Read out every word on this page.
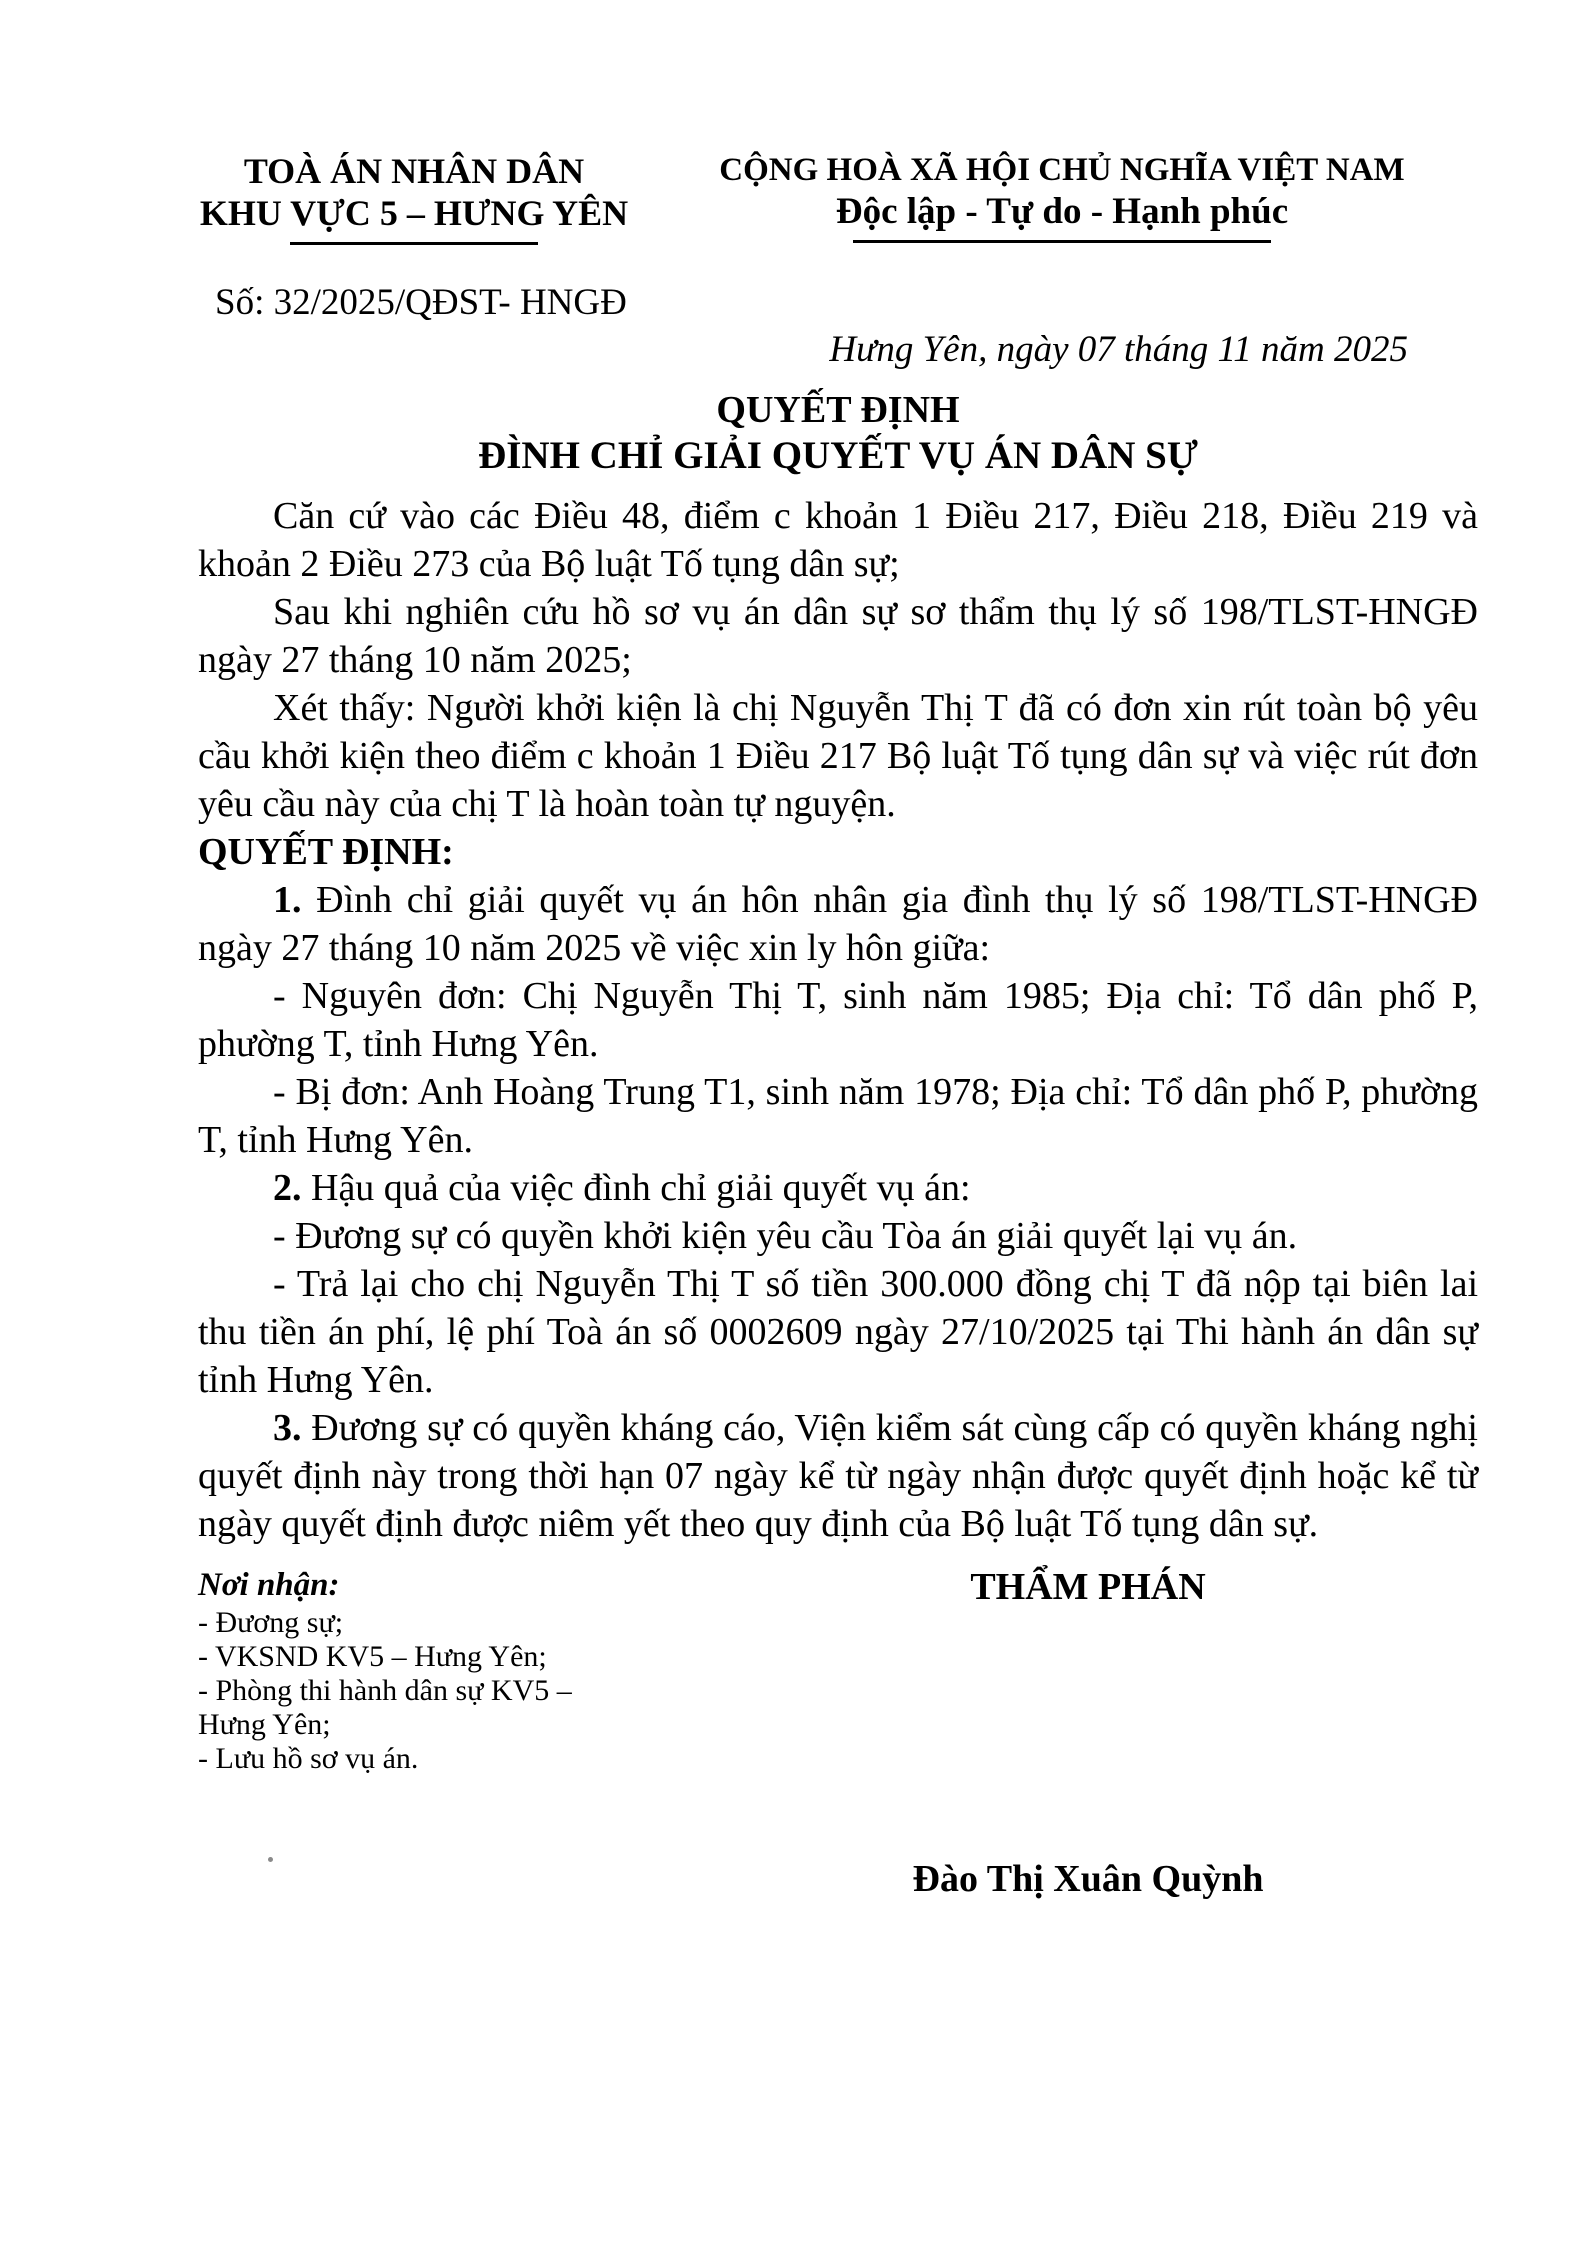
TOÀ ÁN NHÂN DÂN
KHU VỰC 5 – HƯNG YÊN
CỘNG HOÀ XÃ HỘI CHỦ NGHĨA VIỆT NAM
Độc lập - Tự do - Hạnh phúc
Số: 32/2025/QĐST- HNGĐ
Hưng Yên, ngày 07 tháng 11 năm 2025
QUYẾT ĐỊNH
ĐÌNH CHỈ GIẢI QUYẾT VỤ ÁN DÂN SỰ

Căn cứ vào các Điều 48, điểm c khoản 1 Điều 217, Điều 218, Điều 219 và khoản 2 Điều 273 của Bộ luật Tố tụng dân sự;

Sau khi nghiên cứu hồ sơ vụ án dân sự sơ thẩm thụ lý số 198/TLST-HNGĐ ngày 27 tháng 10 năm 2025;

Xét thấy: Người khởi kiện là chị Nguyễn Thị T đã có đơn xin rút toàn bộ yêu cầu khởi kiện theo điểm c khoản 1 Điều 217 Bộ luật Tố tụng dân sự và việc rút đơn yêu cầu này của chị T là hoàn toàn tự nguyện.

QUYẾT ĐỊNH:

1. Đình chỉ giải quyết vụ án hôn nhân gia đình thụ lý số 198/TLST-HNGĐ ngày 27 tháng 10 năm 2025 về việc xin ly hôn giữa:

- Nguyên đơn: Chị Nguyễn Thị T, sinh năm 1985; Địa chỉ: Tổ dân phố P, phường T, tỉnh Hưng Yên.

- Bị đơn: Anh Hoàng Trung T1, sinh năm 1978; Địa chỉ: Tổ dân phố P, phường T, tỉnh Hưng Yên.

2. Hậu quả của việc đình chỉ giải quyết vụ án:

- Đương sự có quyền khởi kiện yêu cầu Tòa án giải quyết lại vụ án.

- Trả lại cho chị Nguyễn Thị T số tiền 300.000 đồng chị T đã nộp tại biên lai thu tiền án phí, lệ phí Toà án số 0002609 ngày 27/10/2025 tại Thi hành án dân sự tỉnh Hưng Yên.

3. Đương sự có quyền kháng cáo, Viện kiểm sát cùng cấp có quyền kháng nghị quyết định này trong thời hạn 07 ngày kể từ ngày nhận được quyết định hoặc kể từ ngày quyết định được niêm yết theo quy định của Bộ luật Tố tụng dân sự.

Nơi nhận:
- Đương sự;
- VKSND KV5 – Hưng Yên;
- Phòng thi hành dân sự KV5 –
Hưng Yên;
- Lưu hồ sơ vụ án.
THẨM PHÁN
Đào Thị Xuân Quỳnh
